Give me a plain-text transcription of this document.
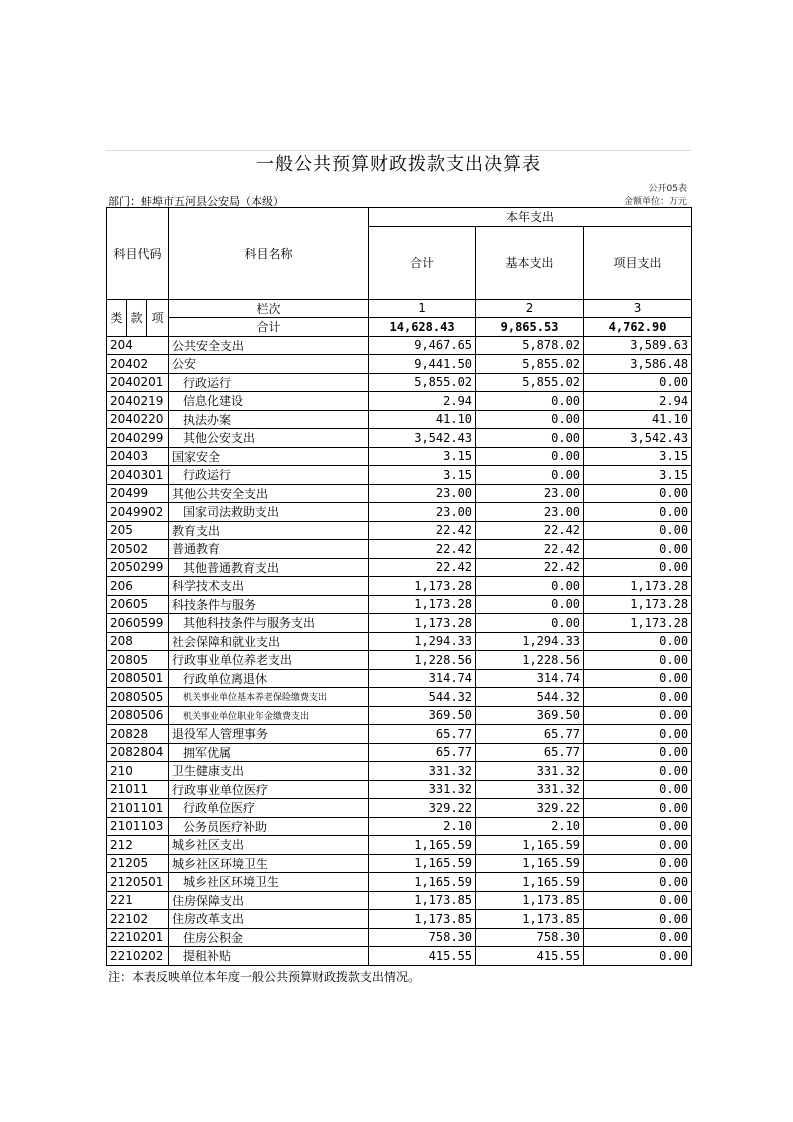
一般公共预算财政拨款支出决算表
公开05表
部门：蚌埠市五河县公安局（本级）	金额单位：万元
科目代码			科目名称	本年支出		
				合计	基本支出	项目支出

类	款	项	栏次	1	2	3
			合计	14,628.43	9,865.53	4,762.90
204			公共安全支出	9,467.65	5,878.02	3,589.63
20402			公安	9,441.50	5,855.02	3,586.48
2040201			行政运行	5,855.02	5,855.02	0.00
2040219			信息化建设	2.94	0.00	2.94
2040220			执法办案	41.10	0.00	41.10
2040299			其他公安支出	3,542.43	0.00	3,542.43
20403			国家安全	3.15	0.00	3.15
2040301			行政运行	3.15	0.00	3.15
20499			其他公共安全支出	23.00	23.00	0.00
2049902			国家司法救助支出	23.00	23.00	0.00
205			教育支出	22.42	22.42	0.00
20502			普通教育	22.42	22.42	0.00
2050299			其他普通教育支出	22.42	22.42	0.00
206			科学技术支出	1,173.28	0.00	1,173.28
20605			科技条件与服务	1,173.28	0.00	1,173.28
2060599			其他科技条件与服务支出	1,173.28	0.00	1,173.28
208			社会保障和就业支出	1,294.33	1,294.33	0.00
20805			行政事业单位养老支出	1,228.56	1,228.56	0.00
2080501			行政单位离退休	314.74	314.74	0.00
2080505			机关事业单位基本养老保险缴费支出	544.32	544.32	0.00
2080506			机关事业单位职业年金缴费支出	369.50	369.50	0.00
20828			退役军人管理事务	65.77	65.77	0.00
2082804			拥军优属	65.77	65.77	0.00
210			卫生健康支出	331.32	331.32	0.00
21011			行政事业单位医疗	331.32	331.32	0.00
2101101			行政单位医疗	329.22	329.22	0.00
2101103			公务员医疗补助	2.10	2.10	0.00
212			城乡社区支出	1,165.59	1,165.59	0.00
21205			城乡社区环境卫生	1,165.59	1,165.59	0.00
2120501			城乡社区环境卫生	1,165.59	1,165.59	0.00
221			住房保障支出	1,173.85	1,173.85	0.00
22102			住房改革支出	1,173.85	1,173.85	0.00
2210201			住房公积金	758.30	758.30	0.00
2210202			提租补贴	415.55	415.55	0.00
注：本表反映单位本年度一般公共预算财政拨款支出情况。
